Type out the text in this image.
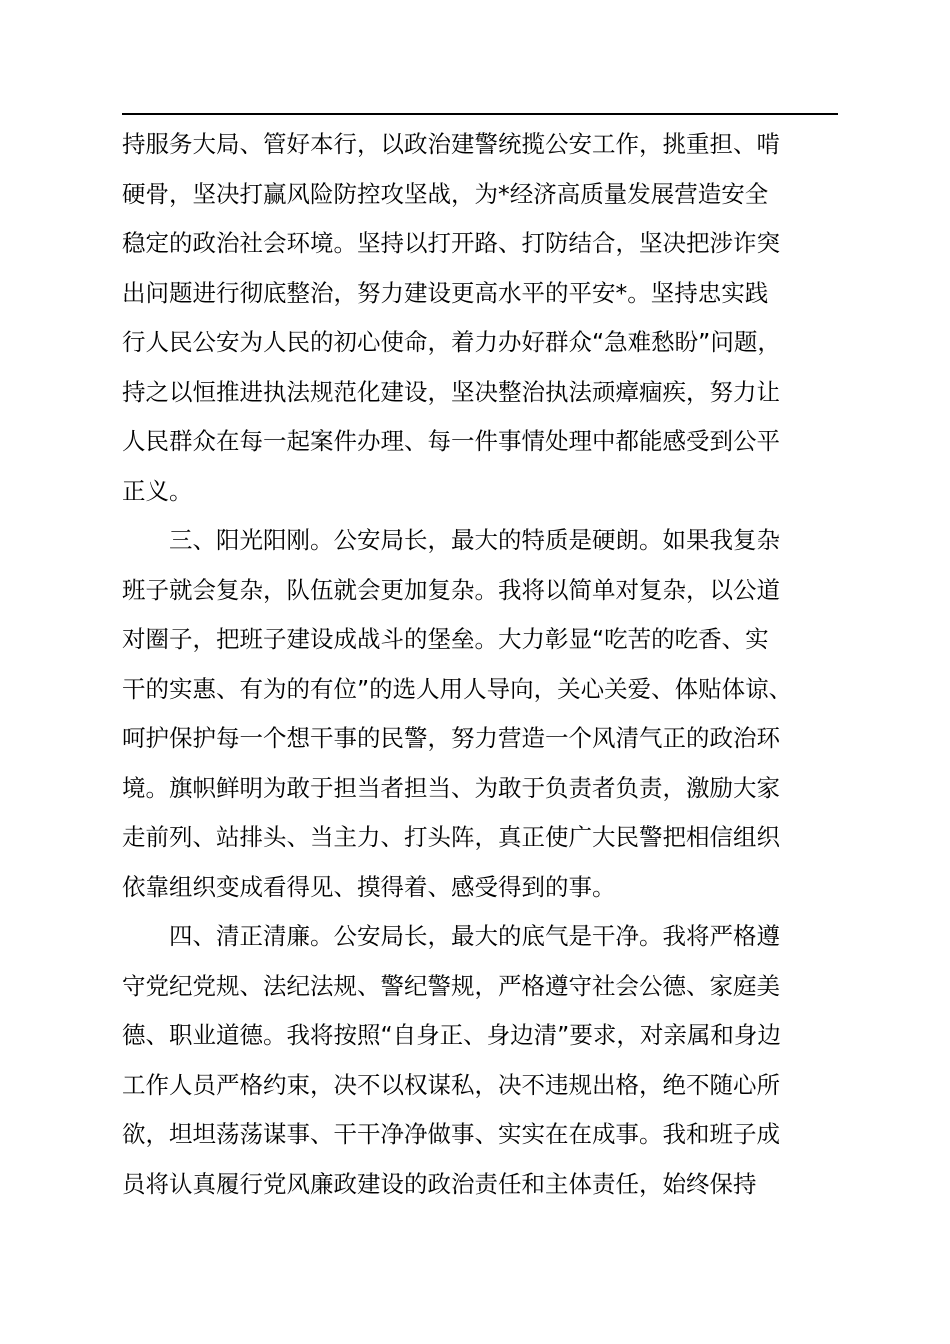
持服务大局、管好本行，以政治建警统揽公安工作，挑重担、啃
硬骨，坚决打赢风险防控攻坚战，为*经济高质量发展营造安全
稳定的政治社会环境。坚持以打开路、打防结合，坚决把涉诈突
出问题进行彻底整治，努力建设更高水平的平安*。坚持忠实践
行人民公安为人民的初心使命，着力办好群众“急难愁盼”问题，
持之以恒推进执法规范化建设，坚决整治执法顽瘴痼疾，努力让
人民群众在每一起案件办理、每一件事情处理中都能感受到公平
正义。
　　三、阳光阳刚。公安局长，最大的特质是硬朗。如果我复杂
班子就会复杂，队伍就会更加复杂。我将以简单对复杂，以公道
对圈子，把班子建设成战斗的堡垒。大力彰显“吃苦的吃香、实
干的实惠、有为的有位”的选人用人导向，关心关爱、体贴体谅、
呵护保护每一个想干事的民警，努力营造一个风清气正的政治环
境。旗帜鲜明为敢于担当者担当、为敢于负责者负责，激励大家
走前列、站排头、当主力、打头阵，真正使广大民警把相信组织
依靠组织变成看得见、摸得着、感受得到的事。
　　四、清正清廉。公安局长，最大的底气是干净。我将严格遵
守党纪党规、法纪法规、警纪警规，严格遵守社会公德、家庭美
德、职业道德。我将按照“自身正、身边清”要求，对亲属和身边
工作人员严格约束，决不以权谋私，决不违规出格，绝不随心所
欲，坦坦荡荡谋事、干干净净做事、实实在在成事。我和班子成
员将认真履行党风廉政建设的政治责任和主体责任，始终保持
